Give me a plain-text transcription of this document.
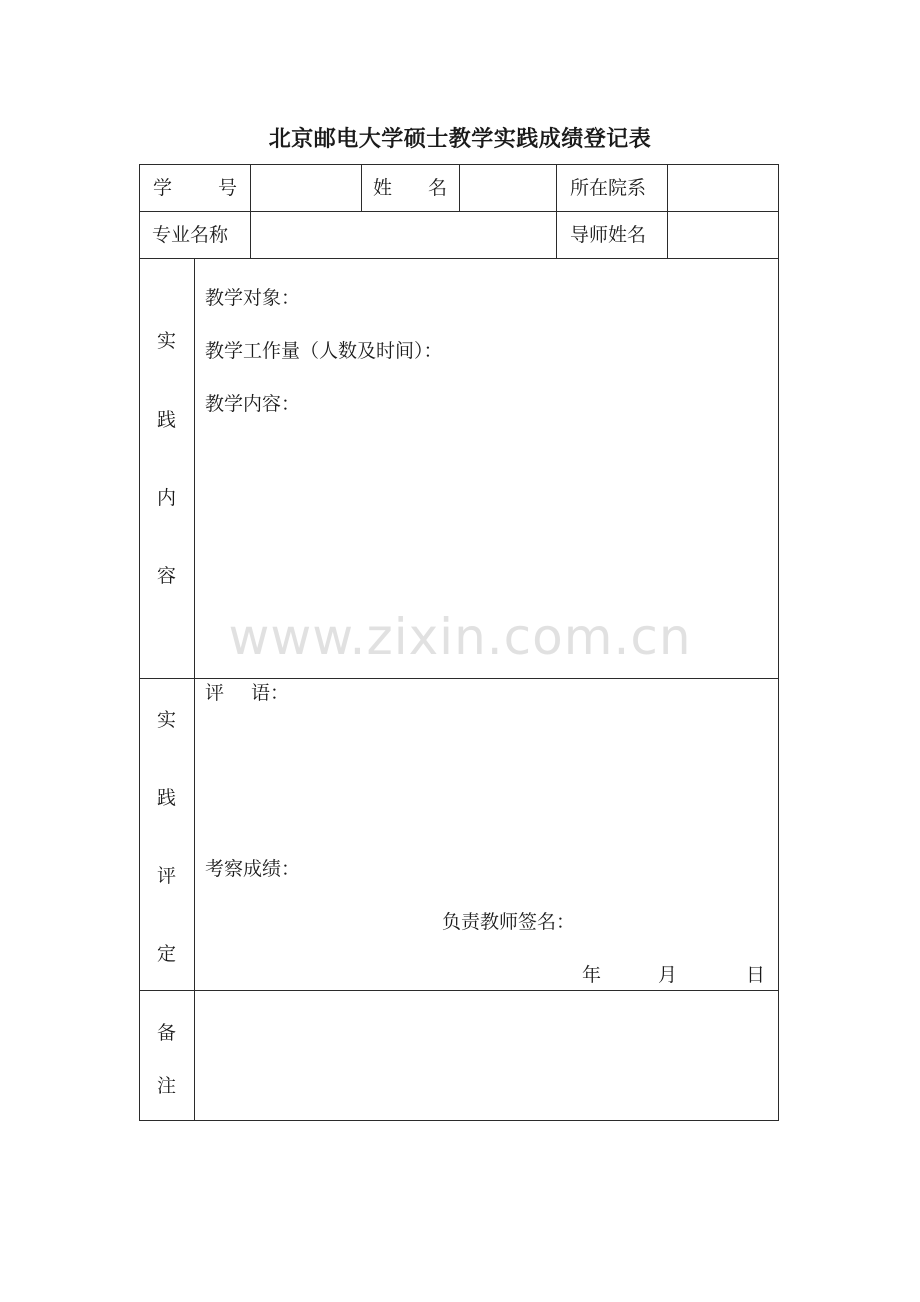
北京邮电大学硕士教学实践成绩登记表
学 号	姓 名	所在院系
专业名称	导师姓名
实
践
内
容
教学对象：
教学工作量（人数及时间）：
教学内容：
实
践
评
定
评 语：
考察成绩：
负责教师签名：
年	月	日
备
注
www.zixin.com.cn
